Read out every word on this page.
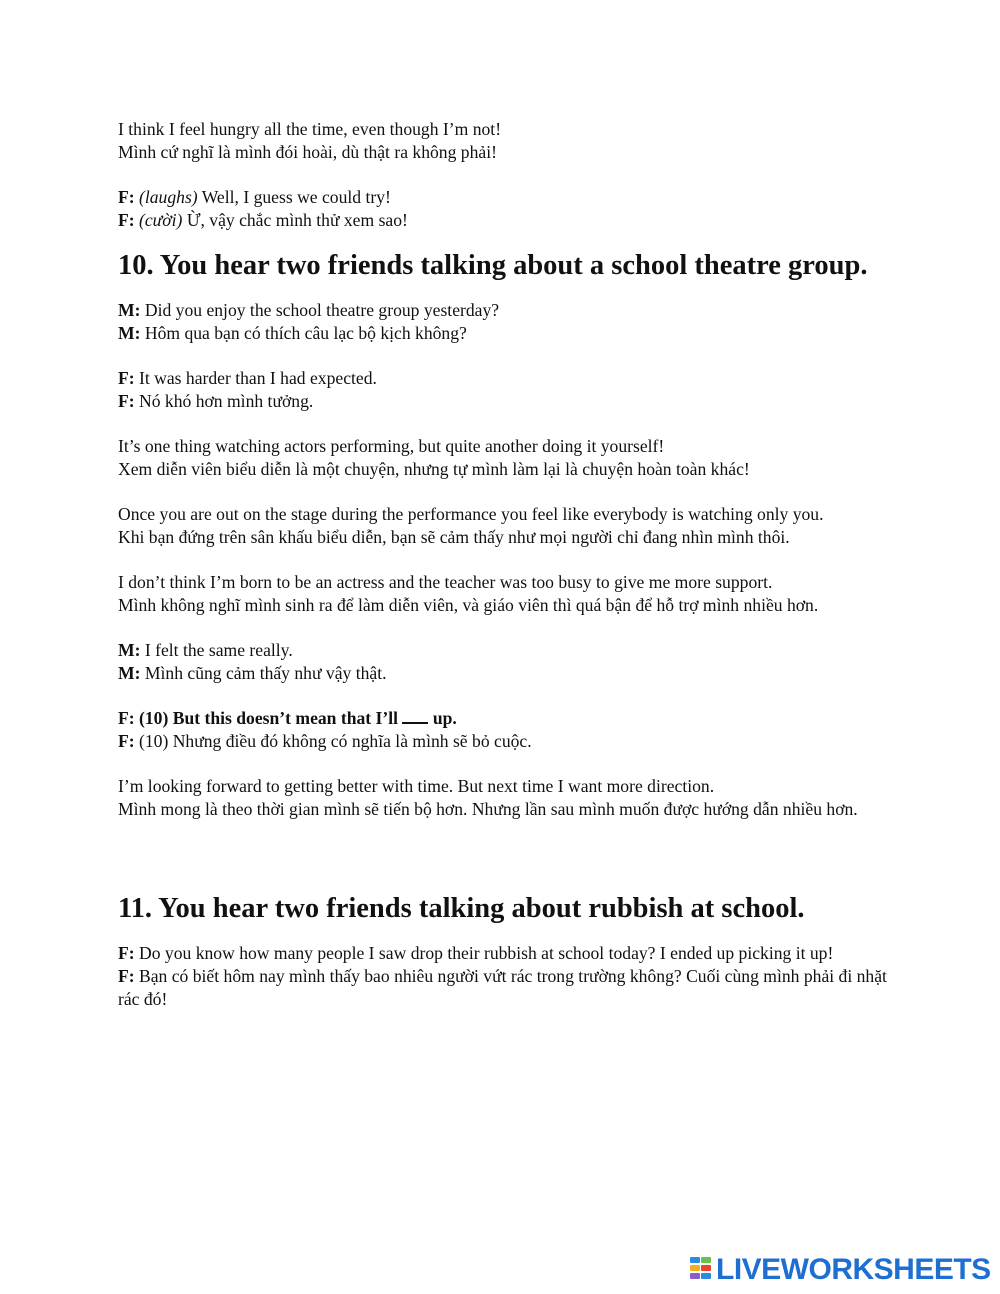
I think I feel hungry all the time, even though I’m not!

Mình cứ nghĩ là mình đói hoài, dù thật ra không phải!

F: (laughs) Well, I guess we could try!

F: (cười) Ừ, vậy chắc mình thử xem sao!

10. You hear two friends talking about a school theatre group.

M: Did you enjoy the school theatre group yesterday?

M: Hôm qua bạn có thích câu lạc bộ kịch không?

F: It was harder than I had expected.

F: Nó khó hơn mình tưởng.

It’s one thing watching actors performing, but quite another doing it yourself!

Xem diễn viên biểu diễn là một chuyện, nhưng tự mình làm lại là chuyện hoàn toàn khác!

Once you are out on the stage during the performance you feel like everybody is watching only you.

Khi bạn đứng trên sân khấu biểu diễn, bạn sẽ cảm thấy như mọi người chỉ đang nhìn mình thôi.

I don’t think I’m born to be an actress and the teacher was too busy to give me more support.

Mình không nghĩ mình sinh ra để làm diễn viên, và giáo viên thì quá bận để hỗ trợ mình nhiều hơn.

M: I felt the same really.

M: Mình cũng cảm thấy như vậy thật.

F: (10) But this doesn’t mean that I’ll  up.

F: (10) Nhưng điều đó không có nghĩa là mình sẽ bỏ cuộc.

I’m looking forward to getting better with time. But next time I want more direction.

Mình mong là theo thời gian mình sẽ tiến bộ hơn. Nhưng lần sau mình muốn được hướng dẫn nhiều hơn.

11. You hear two friends talking about rubbish at school.

F: Do you know how many people I saw drop their rubbish at school today? I ended up picking it up!

F: Bạn có biết hôm nay mình thấy bao nhiêu người vứt rác trong trường không? Cuối cùng mình phải đi nhặt rác đó!

LIVEWORKSHEETS
